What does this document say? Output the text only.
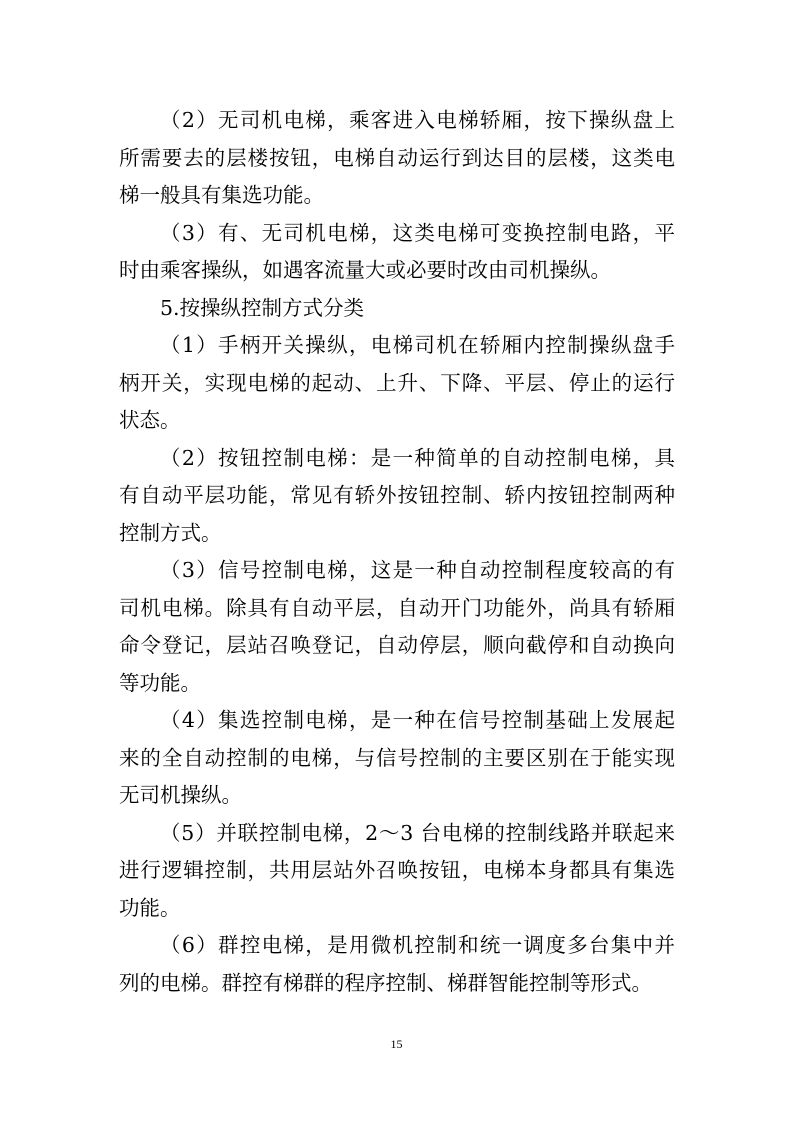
（2）无司机电梯，乘客进入电梯轿厢，按下操纵盘上
所需要去的层楼按钮，电梯自动运行到达目的层楼，这类电
梯一般具有集选功能。
（3）有、无司机电梯，这类电梯可变换控制电路，平
时由乘客操纵，如遇客流量大或必要时改由司机操纵。
5.按操纵控制方式分类
（1）手柄开关操纵，电梯司机在轿厢内控制操纵盘手
柄开关，实现电梯的起动、上升、下降、平层、停止的运行
状态。
（2）按钮控制电梯：是一种简单的自动控制电梯，具
有自动平层功能，常见有轿外按钮控制、轿内按钮控制两种
控制方式。
（3）信号控制电梯，这是一种自动控制程度较高的有
司机电梯。除具有自动平层，自动开门功能外，尚具有轿厢
命令登记，层站召唤登记，自动停层，顺向截停和自动换向
等功能。
（4）集选控制电梯，是一种在信号控制基础上发展起
来的全自动控制的电梯，与信号控制的主要区别在于能实现
无司机操纵。
（5）并联控制电梯，2～3 台电梯的控制线路并联起来
进行逻辑控制，共用层站外召唤按钮，电梯本身都具有集选
功能。
（6）群控电梯，是用微机控制和统一调度多台集中并
列的电梯。群控有梯群的程序控制、梯群智能控制等形式。
15
